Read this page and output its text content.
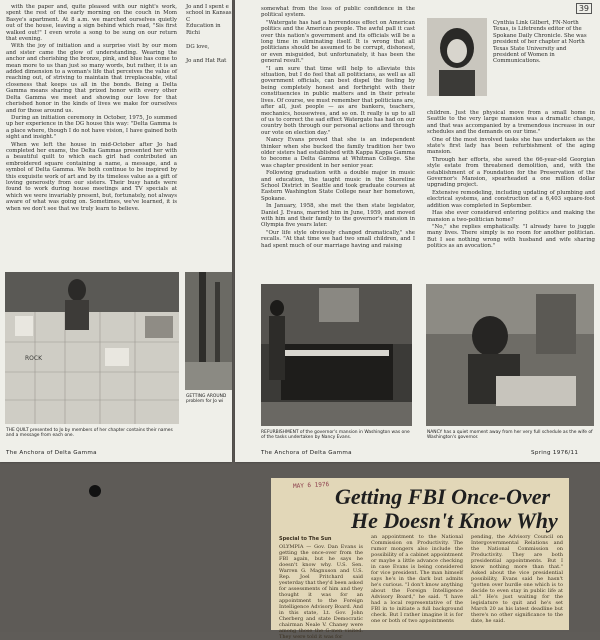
with the paper and, quite pleased with our night's work, spent the rest of the early morning on the couch in Mom Basye's apartment. At 8 a.m. we marched ourselves quietly out of the house, leaving a sign behind which read, "Sis first walked out!" I even wrote a song to be sung on our return that evening.

With the joy of initiation and a surprise visit by our mom and sister came the glow of understanding. Wearing the anchor and cherishing the bronze, pink, and blue has come to mean more to us than just so many words, but rather, it is an added dimension to a woman's life that perceives the value of reaching out, of striving to maintain that irreplaceable, vital closeness that keeps us all in the bonds. Being a Delta Gamma means sharing that prized honor with every other Delta Gamma we meet and showing our love for that cherished honor in the kinds of lives we make for ourselves and for those around us.

During an initiation ceremony in October, 1975, Jo summed up her experience in the DG house this way: "Delta Gamma is a place where, though I do not have vision, I have gained both sight and insight."

When we left the house in mid-October after Jo had completed her exams, the Delta Gammas presented her with a beautiful quilt to which each girl had contributed an embroidered square containing a name, a message, and a symbol of Delta Gamma. We both continue to be inspired by this exquisite work of art and by its timeless value as a gift of loving generosity from our sisters. Their busy hands were found to work during house meetings and TV specials at which we were invariably present, but, fortunately, not always aware of what was going on. Sometimes, we've learned, it is when we don't see that we truly learn to believe.

Jo and I spent e
school in Kansas C
Education in Richi
DG love,
Jo and Hat Rat
ROCK
THE QUILT presented to Jo by members of her chapter contains their names and a message from each one.
GETTING AROUND problem for Jo wi
The Anchora of Delta Gamma
39

somewhat from the loss of public confidence in the political system.

"Watergate has had a horrendous effect on American politics and the American people. The awful pall it cast over this nation's government and its officials will be a long time in eliminating itself. It is wrong that all politicians should be assumed to be corrupt, dishonest, or even misguided, but unfortunately, it has been the general result."

"I am sure that time will help to alleviate this situation, but I do feel that all politicians, as well as all government officials, can best dispel the feeling by being completely honest and forthright with their constituencies in public matters and in their private lives. Of course, we must remember that politicians are, after all, just people — as are bankers, teachers, mechanics, housewives, and so on. It really is up to all of us to correct the sad effect Watergate has had on our country both through our personal actions and through our vote on election day."

Nancy Evans proved that she is an independent thinker when she bucked the family tradition her two older sisters had established with Kappa Kappa Gamma to become a Delta Gamma at Whitman College. She was chapter president in her senior year.

Following graduation with a double major in music and education, the taught music in the Shoreline School District in Seattle and took graduate courses at Eastern Washington State College near her hometown, Spokane.

In January, 1958, she met the then state legislator, Daniel J. Evans, married him in June, 1959, and moved with him and their family to the governor's mansion in Olympia five years later.

"Our life style obviously changed dramatically," she recalls. "At that time we had two small children, and I had spent much of our marriage having and raising

Cynthia Link Gilbert, FN-North Texas, is Lifetrends editor of the Spokane Daily Chronicle. She was president of her chapter at North Texas State University and president of Women in Communications.

children. Just the physical move from a small home in Seattle to the very large mansion was a dramatic change, and that was accompanied by a tremendous increase in our schedules and the demands on our time."

One of the most involved tasks she has undertaken as the state's first lady has been refurbishment of the aging mansion.

Through her efforts, she saved the 66-year-old Georgian style estate from threatened demolition, and, with the establishment of a Foundation for the Preservation of the Governor's Mansion, spearheaded a one million dollar upgrading project.

Extensive remodeling, including updating of plumbing and electrical systems, and construction of a 6,403 square-foot addition was completed in September.

Has she ever considered entering politics and making the mansion a two-politician home?

"No," she replies emphatically. "I already have to juggle many lives. There simply is no room for another politician. But I see nothing wrong with husband and wife sharing politics as an avocation."

REFURBISHMENT of the governor's mansion in Washington was one of the tasks undertaken by Nancy Evans.
NANCY has a quiet moment away from her very full schedule as the wife of Washington's governor.
The Anchora of Delta Gamma	Spring 1976/11
MAY 6 1976 Getting FBI Once-Over
He Doesn't Know Why
Special to The Sun
OLYMPIA — Gov. Dan Evans is getting the once-over from the FBI again, but he says he doesn't know why. U.S. Sen. Warren G. Magnuson and U.S. Rep. Joel Pritchard said yesterday that they'd been asked for assessments of him and they thought it was for an appointment to the Foreign Intelligence Advisory Board. And in this state, Lt. Gov. John Cherberg and state Democratic chairman Neale V. Chaney were among those the G-men visited. They were told it was for
an appointment to the National Commission on Productivity. The rumor mongers also include the possibility of a cabinet appointment or maybe a little advance checking in case Evans is being considered for vice president. The man himself says he's in the dark but admits he's curious. "I don't know anything about the Foreign Intelligence Advisory Board," he said. "I have had a local representative of the FBI in to initiate a full background check. But I rather imagine it is for one or both of two appointments
pending, the Advisory Council on Intergovernmental Relations and the National Commission on Productivity. They are both presidential appointments. But I know nothing more than that." Asked about the vice presidential possibility, Evans said he hasn't "gotten over hurdle one which is to decide to even stay in public life at all." He's just waiting for the legislature to quit and he's set March 20 as his latest deadline but there's no other significance to the date, he said.
